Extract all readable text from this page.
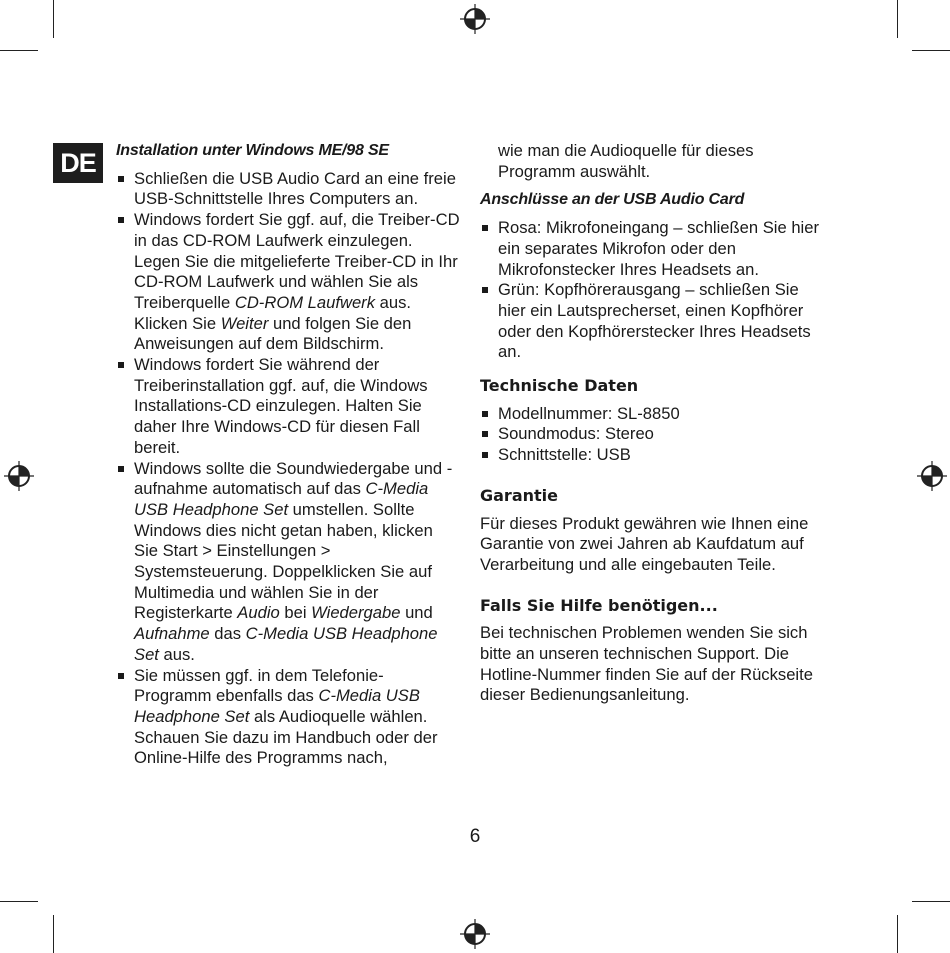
DE	Installation unter Windows ME/98 SE
Schließen die USB Audio Card an eine freie USB-Schnittstelle Ihres Computers an.
Windows fordert Sie ggf. auf, die Treiber-CD in das CD-ROM Laufwerk einzulegen. Legen Sie die mitgelieferte Treiber-CD in Ihr CD-ROM Laufwerk und wählen Sie als Treiberquelle CD-ROM Laufwerk aus. Klicken Sie Weiter und folgen Sie den Anweisungen auf dem Bildschirm.
Windows fordert Sie während der Treiberinstallation ggf. auf, die Windows Installations-CD einzulegen. Halten Sie daher Ihre Windows-CD für diesen Fall bereit.
Windows sollte die Soundwiedergabe und -aufnahme automatisch auf das C-Media USB Headphone Set umstellen. Sollte Windows dies nicht getan haben, klicken Sie Start > Einstellungen > Systemsteuerung. Doppelklicken Sie auf Multimedia und wählen Sie in der Registerkarte Audio bei Wiedergabe und Aufnahme das C-Media USB Headphone Set aus.
Sie müssen ggf. in dem Telefonie-Programm ebenfalls das C-Media USB Headphone Set als Audioquelle wählen. Schauen Sie dazu im Handbuch oder der Online-Hilfe des Programms nach,

wie man die Audioquelle für dieses Programm auswählt.

Anschlüsse an der USB Audio Card
Rosa: Mikrofoneingang – schließen Sie hier ein separates Mikrofon oder den Mikrofonstecker Ihres Headsets an.
Grün: Kopfhörerausgang – schließen Sie hier ein Lautsprecherset, einen Kopfhörer oder den Kopfhörerstecker Ihres Headsets an.
Technische Daten
Modellnummer: SL-8850
Soundmodus: Stereo
Schnittstelle: USB
Garantie

Für dieses Produkt gewähren wie Ihnen eine Garantie von zwei Jahren ab Kaufdatum auf Verarbeitung und alle eingebauten Teile.

Falls Sie Hilfe benötigen...

Bei technischen Problemen wenden Sie sich bitte an unseren technischen Support. Die Hotline-Nummer finden Sie auf der Rückseite dieser Bedienungsanleitung.

6
